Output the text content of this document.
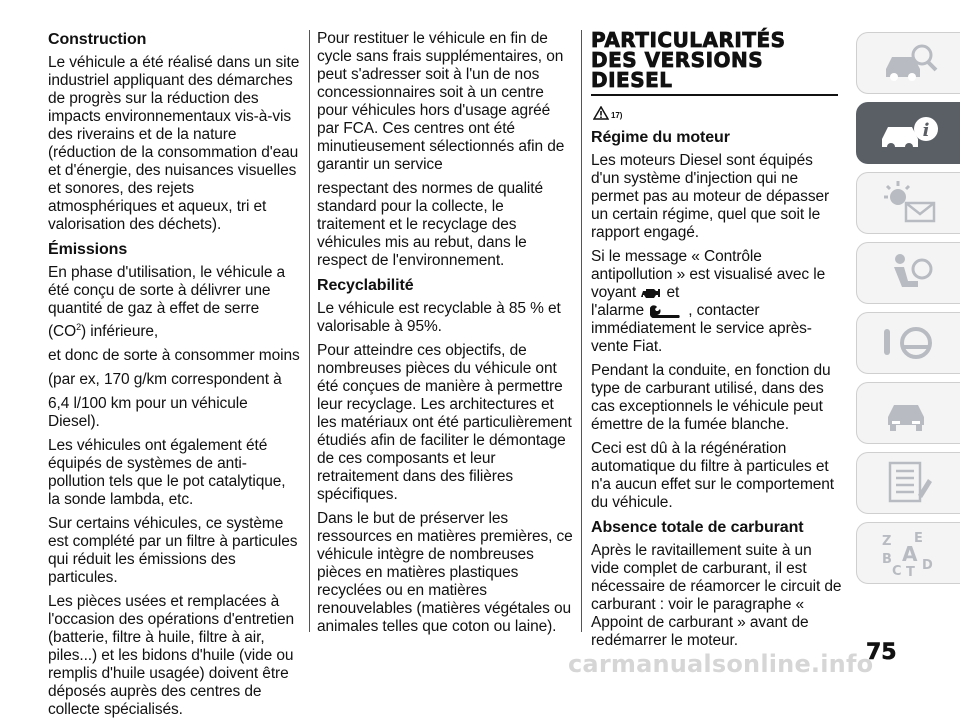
Construction

Le véhicule a été réalisé dans un site industriel appliquant des démarches de progrès sur la réduction des impacts environnementaux vis-à-vis des riverains et de la nature (réduction de la consommation d'eau et d'énergie, des nuisances visuelles et sonores, des rejets atmosphériques et aqueux, tri et valorisation des déchets).

Émissions

En phase d'utilisation, le véhicule a été conçu de sorte à délivrer une quantité de gaz à effet de serre $(CO^2)$ inférieure,

et donc de sorte à consommer moins

(par ex, 170 g/km correspondent à

6,4 l/100 km pour un véhicule Diesel).

Les véhicules ont également été équipés de systèmes de anti-pollution tels que le pot catalytique, la sonde lambda, etc.

Sur certains véhicules, ce système est complété par un filtre à particules qui réduit les émissions des particules.

Les pièces usées et remplacées à l'occasion des opérations d'entretien (batterie, filtre à huile, filtre à air, piles...) et les bidons d'huile (vide ou remplis d'huile usagée) doivent être déposés auprès des centres de collecte spécialisés.

Pour restituer le véhicule en fin de cycle sans frais supplémentaires, on peut s'adresser soit à l'un de nos concessionnaires soit à un centre pour véhicules hors d'usage agréé par FCA. Ces centres ont été minutieusement sélectionnés afin de garantir un service

respectant des normes de qualité standard pour la collecte, le traitement et le recyclage des véhicules mis au rebut, dans le respect de l'environnement.

Recyclabilité

Le véhicule est recyclable à 85 % et valorisable à 95%.

Pour atteindre ces objectifs, de nombreuses pièces du véhicule ont été conçues de manière à permettre leur recyclage. Les architectures et les matériaux ont été particulièrement étudiés afin de faciliter le démontage de ces composants et leur retraitement dans des filières spécifiques.

Dans le but de préserver les ressources en matières premières, ce véhicule intègre de nombreuses pièces en matières plastiques recyclées ou en matières renouvelables (matières végétales ou animales telles que coton ou laine).

PARTICULARITÉS
DES VERSIONS
DIESEL
17)
Régime du moteur

Les moteurs Diesel sont équipés d'un système d'injection qui ne permet pas au moteur de dépasser un certain régime, quel que soit le rapport engagé.

Si le message « Contrôle antipollution » est visualisé avec le voyant et
l'alarme	, contacter immédiatement le service après-vente Fiat.

Pendant la conduite, en fonction du type de carburant utilisé, dans des cas exceptionnels le véhicule peut émettre de la fumée blanche.

Ceci est dû à la régénération automatique du filtre à particules et n'a aucun effet sur le comportement du véhicule.

Absence totale de carburant

Après le ravitaillement suite à un vide complet de carburant, il est nécessaire de réamorcer le circuit de carburant : voir le paragraphe « Appoint de carburant » avant de redémarrer le moteur.

i
Z E
B A
C T D
75
carmanualsonline.info
